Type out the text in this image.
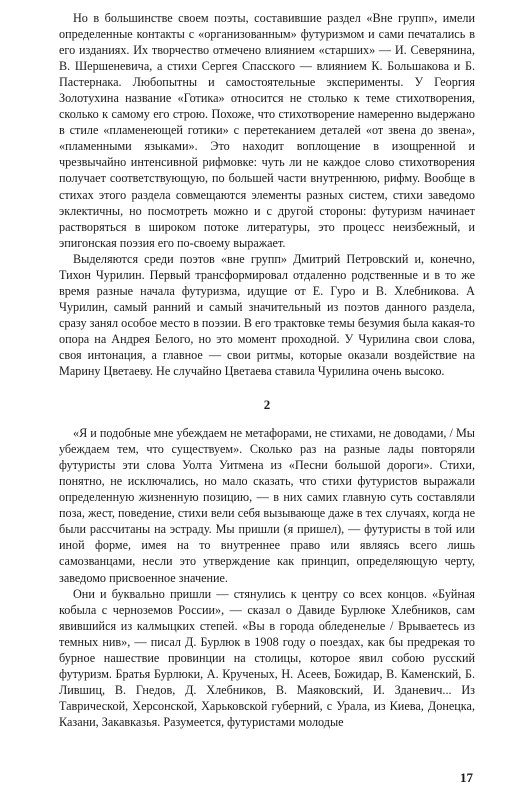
Но в большинстве своем поэты, составившие раздел «Вне групп», имели определенные контакты с «организованным» футуризмом и сами печатались в его изданиях. Их творчество отмечено влиянием «старших» — И. Северянина, В. Шершеневича, а стихи Сергея Спасского — влиянием К. Большакова и Б. Пастернака. Любопытны и самостоятельные эксперименты. У Георгия Золотухина название «Готика» относится не столько к теме стихотворения, сколько к самому его строю. Похоже, что стихотворение намеренно выдержано в стиле «пламенеющей готики» с перетеканием деталей «от звена до звена», «пламенными языками». Это находит воплощение в изощренной и чрезвычайно интенсивной рифмовке: чуть ли не каждое слово стихотворения получает соответствующую, по большей части внутреннюю, рифму. Вообще в стихах этого раздела совмещаются элементы разных систем, стихи заведомо эклектичны, но посмотреть можно и с другой стороны: футуризм начинает растворяться в широком потоке литературы, это процесс неизбежный, и эпигонская поэзия его по-своему выражает.

Выделяются среди поэтов «вне групп» Дмитрий Петровский и, конечно, Тихон Чурилин. Первый трансформировал отдаленно родственные и в то же время разные начала футуризма, идущие от Е. Гуро и В. Хлебникова. А Чурилин, самый ранний и самый значительный из поэтов данного раздела, сразу занял особое место в поэзии. В его трактовке темы безумия была какая-то опора на Андрея Белого, но это момент проходной. У Чурилина свои слова, своя интонация, а главное — свои ритмы, которые оказали воздействие на Марину Цветаеву. Не случайно Цветаева ставила Чурилина очень высоко.

2

«Я и подобные мне убеждаем не метафорами, не стихами, не доводами, / Мы убеждаем тем, что существуем». Сколько раз на разные лады повторяли футуристы эти слова Уолта Уитмена из «Песни большой дороги». Стихи, понятно, не исключались, но мало сказать, что стихи футуристов выражали определенную жизненную позицию, — в них самих главную суть составляли поза, жест, поведение, стихи вели себя вызывающе даже в тех случаях, когда не были рассчитаны на эстраду. Мы пришли (я пришел), — футуристы в той или иной форме, имея на то внутреннее право или являясь всего лишь самозванцами, несли это утверждение как принцип, определяющую черту, заведомо присвоенное значение.

Они и буквально пришли — стянулись к центру со всех концов. «Буйная кобыла с черноземов России», — сказал о Давиде Бурлюке Хлебников, сам явившийся из калмыцких степей. «Вы в города обледенелые / Врываетесь из темных нив», — писал Д. Бурлюк в 1908 году о поездах, как бы предрекая то бурное нашествие провинции на столицы, которое явил собою русский футуризм. Братья Бурлюки, А. Крученых, Н. Асеев, Божидар, В. Каменский, Б. Лившиц, В. Гнедов, Д. Хлебников, В. Маяковский, И. Зданевич... Из Таврической, Херсонской, Харьковской губерний, с Урала, из Киева, Донецка, Казани, Закавказья. Разумеется, футуристами молодые

17
